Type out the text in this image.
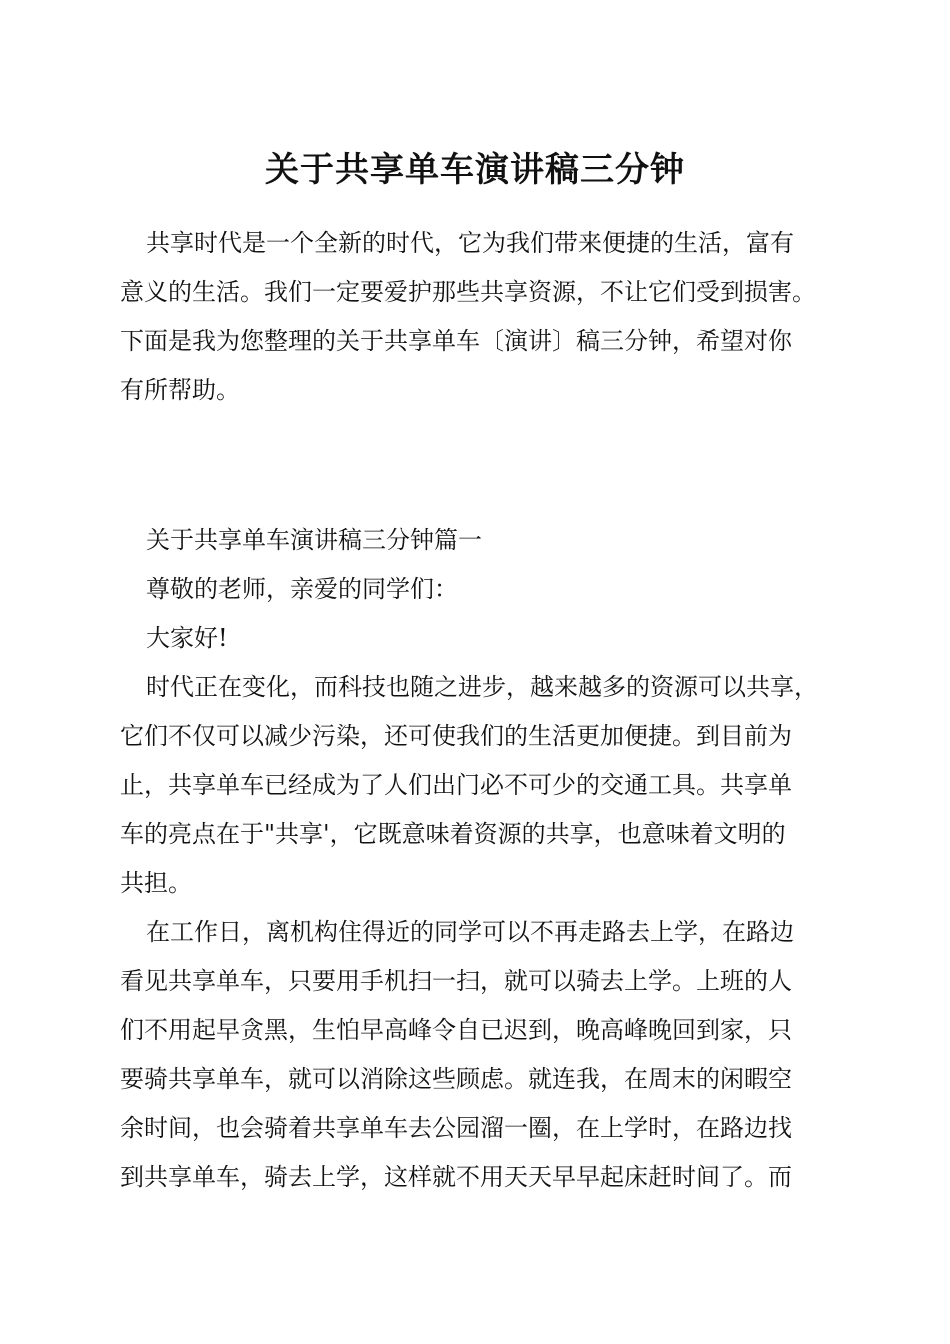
关于共享单车演讲稿三分钟
共享时代是一个全新的时代，它为我们带来便捷的生活，富有
意义的生活。我们一定要爱护那些共享资源，不让它们受到损害。
下面是我为您整理的关于共享单车〔演讲〕稿三分钟，希望对你
有所帮助。
关于共享单车演讲稿三分钟篇一
尊敬的老师，亲爱的同学们：
大家好!
时代正在变化，而科技也随之进步，越来越多的资源可以共享，
它们不仅可以减少污染，还可使我们的生活更加便捷。到目前为
止，共享单车已经成为了人们出门必不可少的交通工具。共享单
车的亮点在于"共享'，它既意味着资源的共享，也意味着文明的
共担。
在工作日，离机构住得近的同学可以不再走路去上学，在路边
看见共享单车，只要用手机扫一扫，就可以骑去上学。上班的人
们不用起早贪黑，生怕早高峰令自已迟到，晚高峰晚回到家，只
要骑共享单车，就可以消除这些顾虑。就连我，在周末的闲暇空
余时间，也会骑着共享单车去公园溜一圈，在上学时，在路边找
到共享单车，骑去上学，这样就不用天天早早起床赶时间了。而
